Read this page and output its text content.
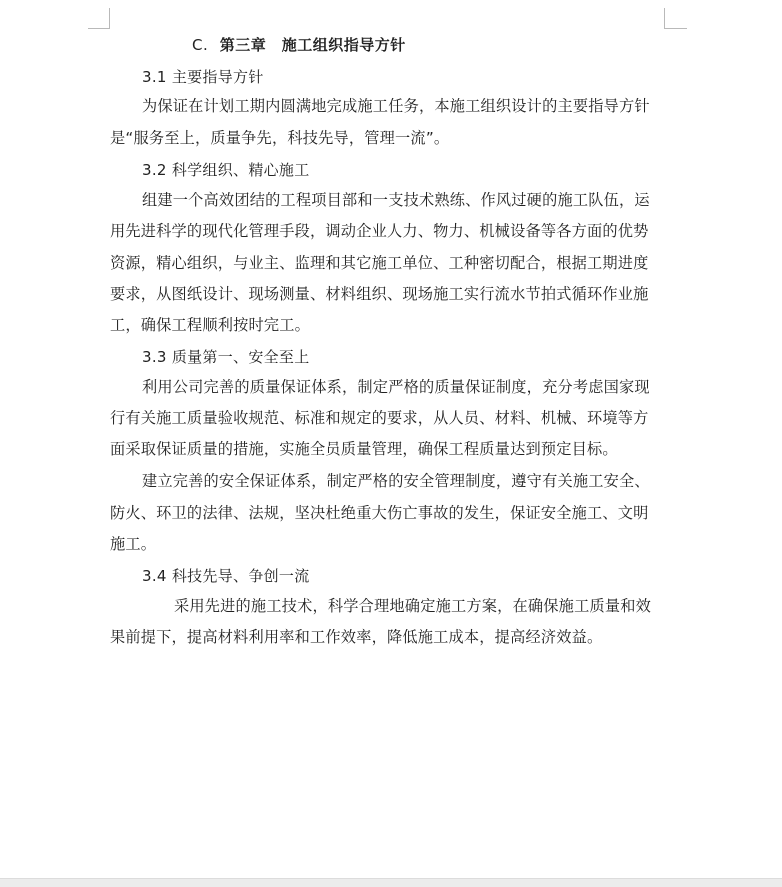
C. 第三章　施工组织指导方针
3.1 主要指导方针
为保证在计划工期内圆满地完成施工任务，本施工组织设计的主要指导方针
是“服务至上，质量争先，科技先导，管理一流”。
3.2 科学组织、精心施工
组建一个高效团结的工程项目部和一支技术熟练、作风过硬的施工队伍，运
用先进科学的现代化管理手段，调动企业人力、物力、机械设备等各方面的优势
资源，精心组织，与业主、监理和其它施工单位、工种密切配合，根据工期进度
要求，从图纸设计、现场测量、材料组织、现场施工实行流水节拍式循环作业施
工，确保工程顺利按时完工。
3.3 质量第一、安全至上
利用公司完善的质量保证体系，制定严格的质量保证制度，充分考虑国家现
行有关施工质量验收规范、标准和规定的要求，从人员、材料、机械、环境等方
面采取保证质量的措施，实施全员质量管理，确保工程质量达到预定目标。
建立完善的安全保证体系，制定严格的安全管理制度，遵守有关施工安全、
防火、环卫的法律、法规，坚决杜绝重大伤亡事故的发生，保证安全施工、文明
施工。
3.4 科技先导、争创一流
采用先进的施工技术，科学合理地确定施工方案，在确保施工质量和效
果前提下，提高材料利用率和工作效率，降低施工成本，提高经济效益。
